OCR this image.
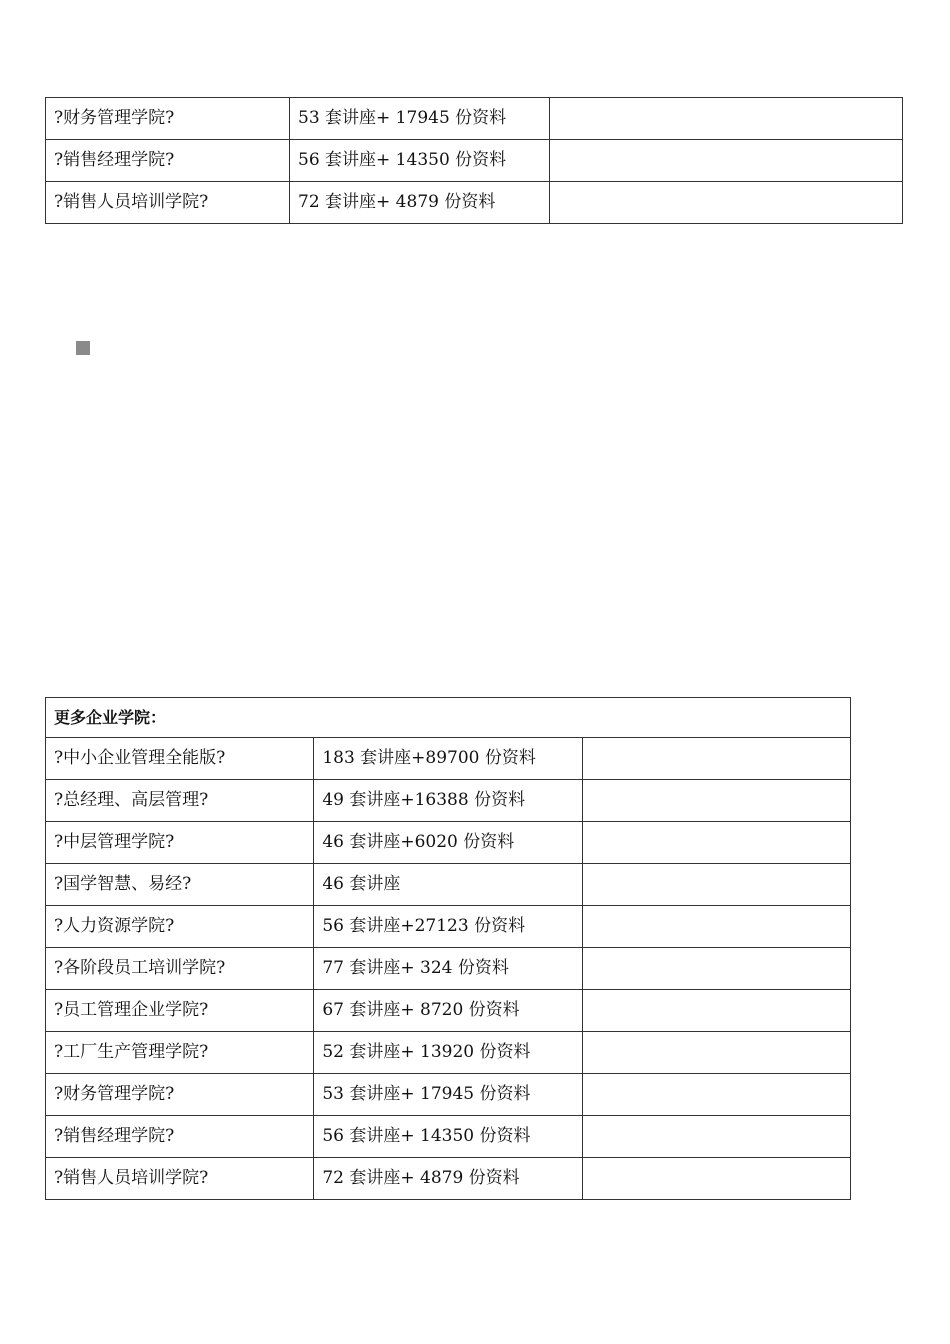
?财务管理学院?	53 套讲座+ 17945 份资料	
?销售经理学院?	56 套讲座+ 14350 份资料	
?销售人员培训学院?	72 套讲座+ 4879 份资料	
更多企业学院：		
?中小企业管理全能版?	183 套讲座+89700 份资料	
?总经理、高层管理?	49 套讲座+16388 份资料	
?中层管理学院?	46 套讲座+6020 份资料	
?国学智慧、易经?	46 套讲座	
?人力资源学院?	56 套讲座+27123 份资料	
?各阶段员工培训学院?	77 套讲座+ 324 份资料	
?员工管理企业学院?	67 套讲座+ 8720 份资料	
?工厂生产管理学院?	52 套讲座+ 13920 份资料	
?财务管理学院?	53 套讲座+ 17945 份资料	
?销售经理学院?	56 套讲座+ 14350 份资料	
?销售人员培训学院?	72 套讲座+ 4879 份资料	
